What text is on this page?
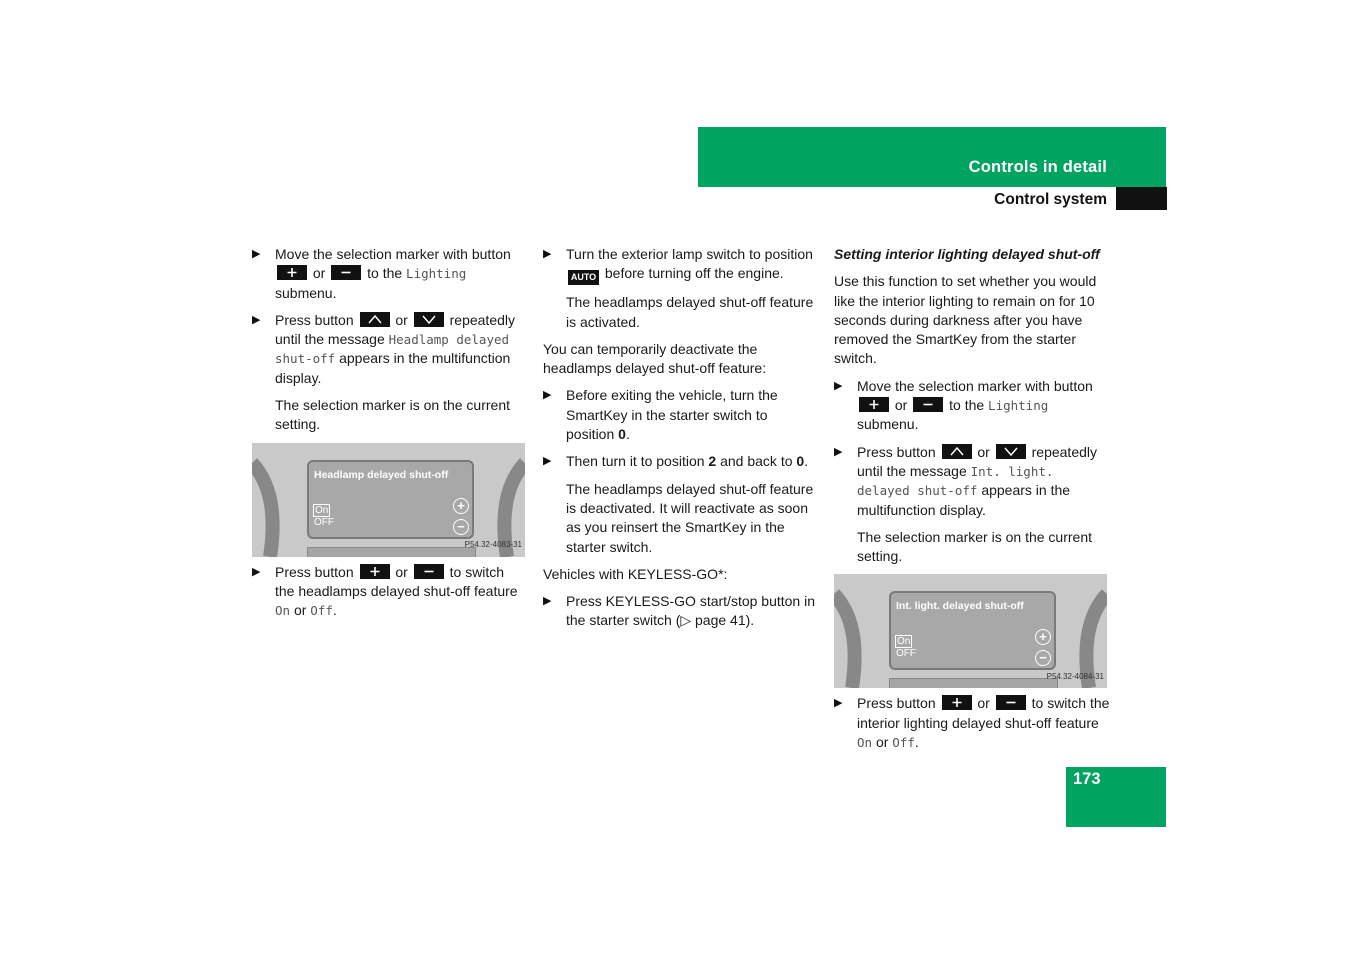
Controls in detail
Control system
▶ Move the selection marker with button
or	to the Lighting submenu.
▶ Press button	or	repeatedly until the message Headlamp delayed shut-off appears in the multifunction display.
The selection marker is on the current setting.
Headlamp delayed shut-off
On
OFF
+
−
P54.32-4083-31
▶ Press button	or	to switch the headlamps delayed shut-off feature On or Off.
▶ Turn the exterior lamp switch to position AUTO before turning off the engine.
The headlamps delayed shut-off feature is activated.
You can temporarily deactivate the headlamps delayed shut-off feature:
▶ Before exiting the vehicle, turn the SmartKey in the starter switch to position 0.
▶ Then turn it to position 2 and back to 0.
The headlamps delayed shut-off feature is deactivated. It will reactivate as soon as you reinsert the SmartKey in the starter switch.
Vehicles with KEYLESS-GO*:
▶ Press KEYLESS-GO start/stop button in the starter switch (▷ page 41).
Setting interior lighting delayed shut-off
Use this function to set whether you would like the interior lighting to remain on for 10 seconds during darkness after you have removed the SmartKey from the starter switch.
▶ Move the selection marker with button
or	to the Lighting submenu.
▶ Press button	or	repeatedly until the message Int. light. delayed shut-off appears in the multifunction display.
The selection marker is on the current setting.
Int. light. delayed shut-off
On
OFF
+
−
P54.32-4084-31
▶ Press button	or	to switch the interior lighting delayed shut-off feature On or Off.
173
